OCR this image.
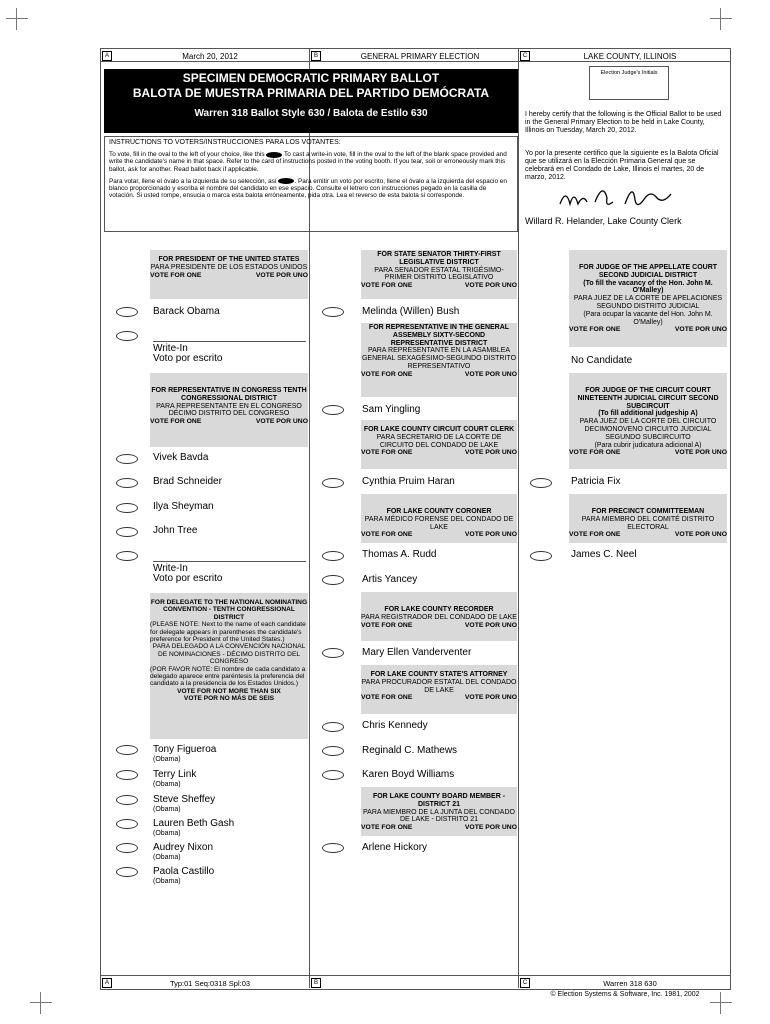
A	B	C
March 20, 2012	GENERAL PRIMARY ELECTION	LAKE COUNTY, ILLINOIS
SPECIMEN DEMOCRATIC PRIMARY BALLOT
BALOTA DE MUESTRA PRIMARIA DEL PARTIDO DEMÓCRATA
Warren 318 Ballot Style 630 / Balota de Estilo 630

INSTRUCTIONS TO VOTERS/INSTRUCCIONES PARA LOS VOTANTES:

To vote, fill in the oval to the left of your choice, like this	To cast a write-in vote, fill in the oval to the left of the blank space provided and write the candidate's name in that space. Refer to the card of instructions posted in the voting booth. If you tear, soil or erroneously mark this ballot, ask for another. Read ballot back if applicable.

Para votar, llene el óvalo a la izquierda de su selección, así	. Para emitir un voto por escrito, llene el óvalo a la izquierda del espacio en blanco proporcionado y escriba el nombre del candidato en ese espacio. Consulte el letrero con instrucciones pegado en la casilla de votación. Si usted rompe, ensucia o marca esta balota erróneamente, pida otra. Lea el reverso de esta balota si corresponde.

Election Judge's Initials
I hereby certify that the following is the Official Ballot to be used in the General Primary Election to be held in Lake County, Illinois on Tuesday, March 20, 2012.
Yo por la presente certifico que la siguiente es la Balota Oficial que se utilizará en la Elección Primaria General que se celebrará en el Condado de Lake, Illinois el martes, 20 de marzo, 2012.
Willard R. Helander, Lake County Clerk
FOR PRESIDENT OF THE UNITED STATES
PARA PRESIDENTE DE LOS ESTADOS UNIDOS
VOTE FOR ONE	VOTE POR UNO
Barack Obama
Write-In
Voto por escrito
FOR REPRESENTATIVE IN CONGRESS TENTH CONGRESSIONAL DISTRICT
PARA REPRESENTANTE EN EL CONGRESO DÉCIMO DISTRITO DEL CONGRESO
VOTE FOR ONE	VOTE POR UNO
Vivek Bavda
Brad Schneider
Ilya Sheyman
John Tree
Write-In
Voto por escrito
FOR DELEGATE TO THE NATIONAL NOMINATING CONVENTION - TENTH CONGRESSIONAL DISTRICT
(PLEASE NOTE: Next to the name of each candidate for delegate appears in parentheses the candidate's preference for President of the United States.)
PARA DELEGADO A LA CONVENCIÓN NACIONAL DE NOMINACIONES - DÉCIMO DISTRITO DEL CONGRESO
(POR FAVOR NOTE: El nombre de cada candidato a delegado aparece entre paréntesis la preferencia del candidato a la presidencia de los Estados Unidos.)
VOTE FOR NOT MORE THAN SIX
VOTE POR NO MÁS DE SEIS
Tony Figueroa
(Obama)
Terry Link
(Obama)
Steve Sheffey
(Obama)
Lauren Beth Gash
(Obama)
Audrey Nixon
(Obama)
Paola Castillo
(Obama)
FOR STATE SENATOR THIRTY-FIRST LEGISLATIVE DISTRICT
PARA SENADOR ESTATAL TRIGÉSIMO-PRIMER DISTRITO LEGISLATIVO
VOTE FOR ONE	VOTE POR UNO
Melinda (Willen) Bush
FOR REPRESENTATIVE IN THE GENERAL ASSEMBLY SIXTY-SECOND REPRESENTATIVE DISTRICT
PARA REPRESENTANTE EN LA ASAMBLEA GENERAL SEXAGÉSIMO-SEGUNDO DISTRITO REPRESENTATIVO
VOTE FOR ONE	VOTE POR UNO
Sam Yingling
FOR LAKE COUNTY CIRCUIT COURT CLERK
PARA SECRETARIO DE LA CORTE DE CIRCUITO DEL CONDADO DE LAKE
VOTE FOR ONE	VOTE POR UNO
Cynthia Pruim Haran
FOR LAKE COUNTY CORONER
PARA MÉDICO FORENSE DEL CONDADO DE LAKE
VOTE FOR ONE	VOTE POR UNO
Thomas A. Rudd
Artis Yancey
FOR LAKE COUNTY RECORDER
PARA REGISTRADOR DEL CONDADO DE LAKE
VOTE FOR ONE	VOTE POR UNO
Mary Ellen Vanderventer
FOR LAKE COUNTY STATE'S ATTORNEY
PARA PROCURADOR ESTATAL DEL CONDADO DE LAKE
VOTE FOR ONE	VOTE POR UNO
Chris Kennedy
Reginald C. Mathews
Karen Boyd Williams
FOR LAKE COUNTY BOARD MEMBER - DISTRICT 21
PARA MIEMBRO DE LA JUNTA DEL CONDADO DE LAKE - DISTRITO 21
VOTE FOR ONE	VOTE POR UNO
Arlene Hickory
FOR JUDGE OF THE APPELLATE COURT SECOND JUDICIAL DISTRICT
(To fill the vacancy of the Hon. John M. O'Malley)
PARA JUEZ DE LA CORTE DE APELACIONES SEGUNDO DISTRITO JUDICIAL
(Para ocupar la vacante del Hon. John M. O'Malley)
VOTE FOR ONE	VOTE POR UNO
No Candidate
FOR JUDGE OF THE CIRCUIT COURT NINETEENTH JUDICIAL CIRCUIT SECOND SUBCIRCUIT
(To fill additional judgeship A)
PARA JUEZ DE LA CORTE DEL CIRCUITO DECIMONOVENO CIRCUITO JUDICIAL SEGUNDO SUBCIRCUITO
(Para cubrir judicatura adicional A)
VOTE FOR ONE	VOTE POR UNO
Patricia Fix
FOR PRECINCT COMMITTEEMAN
PARA MIEMBRO DEL COMITÉ DISTRITO ELECTORAL
VOTE FOR ONE	VOTE POR UNO
James C. Neel
A	B	C
Typ:01 Seq:0318 Spl:03	Warren 318 630
© Election Systems & Software, Inc. 1981, 2002
